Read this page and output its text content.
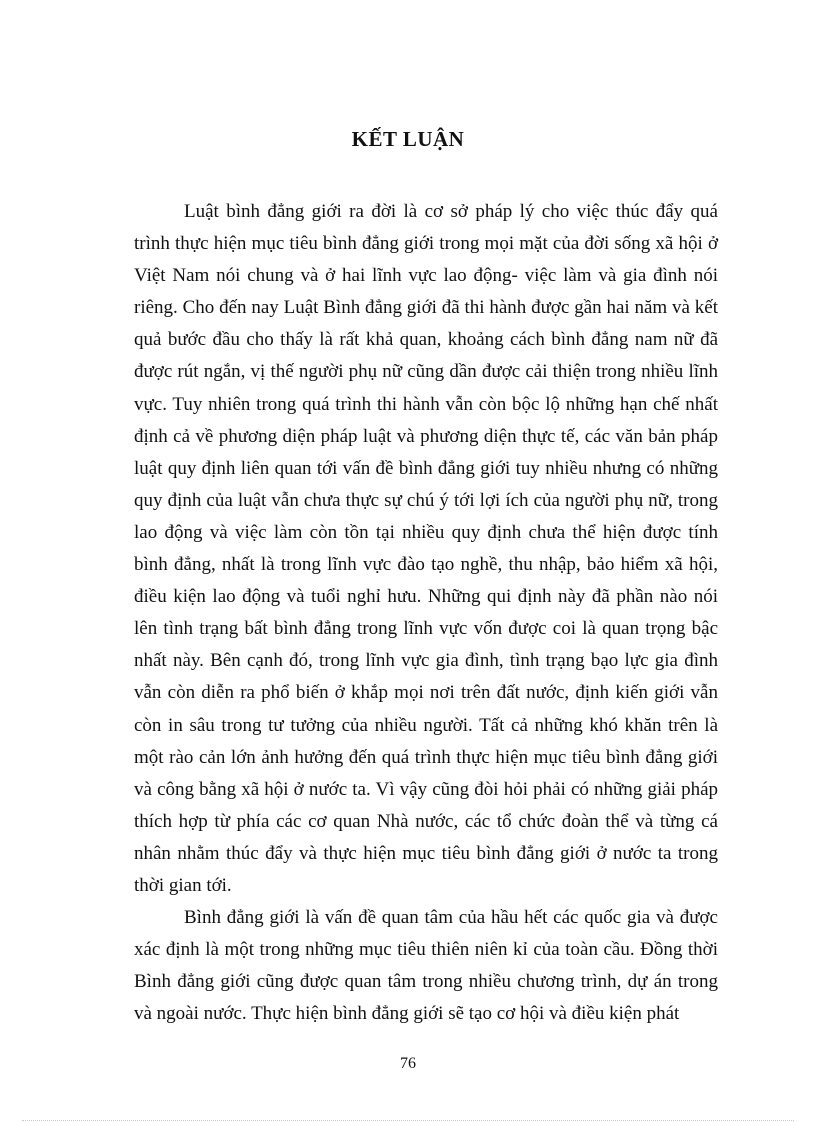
KẾT LUẬN

Luật bình đẳng giới ra đời là cơ sở pháp lý cho việc thúc đẩy quá trình thực hiện mục tiêu bình đẳng giới trong mọi mặt của đời sống xã hội ở Việt Nam nói chung và ở hai lĩnh vực lao động- việc làm và gia đình nói riêng. Cho đến nay Luật Bình đẳng giới đã thi hành được gần hai năm và kết quả bước đầu cho thấy là rất khả quan, khoảng cách bình đẳng nam nữ đã được rút ngắn, vị thế người phụ nữ cũng dần được cải thiện trong nhiều lĩnh vực. Tuy nhiên trong quá trình thi hành vẫn còn bộc lộ những hạn chế nhất định cả về phương diện pháp luật và phương diện thực tế, các văn bản pháp luật quy định liên quan tới vấn đề bình đẳng giới tuy nhiều nhưng có những quy định của luật vẫn chưa thực sự chú ý tới lợi ích của người phụ nữ, trong lao động và việc làm còn tồn tại nhiều quy định chưa thể hiện được tính bình đẳng, nhất là trong lĩnh vực đào tạo nghề, thu nhập, bảo hiểm xã hội, điều kiện lao động và tuổi nghỉ hưu. Những qui định này đã phần nào nói lên tình trạng bất bình đẳng trong lĩnh vực vốn được coi là quan trọng bậc nhất này. Bên cạnh đó, trong lĩnh vực gia đình, tình trạng bạo lực gia đình vẫn còn diễn ra phổ biến ở khắp mọi nơi trên đất nước, định kiến giới vẫn còn in sâu trong tư tưởng của nhiều người. Tất cả những khó khăn trên là một rào cản lớn ảnh hưởng đến quá trình thực hiện mục tiêu bình đẳng giới và công bằng xã hội ở nước ta. Vì vậy cũng đòi hỏi phải có những giải pháp thích hợp từ phía các cơ quan Nhà nước, các tổ chức đoàn thể và từng cá nhân nhằm thúc đẩy và thực hiện mục tiêu bình đẳng giới ở nước ta trong thời gian tới.

Bình đẳng giới là vấn đề quan tâm của hầu hết các quốc gia và được xác định là một trong những mục tiêu thiên niên kỉ của toàn cầu. Đồng thời Bình đẳng giới cũng được quan tâm trong nhiều chương trình, dự án trong và ngoài nước. Thực hiện bình đẳng giới sẽ tạo cơ hội và điều kiện phát

76
